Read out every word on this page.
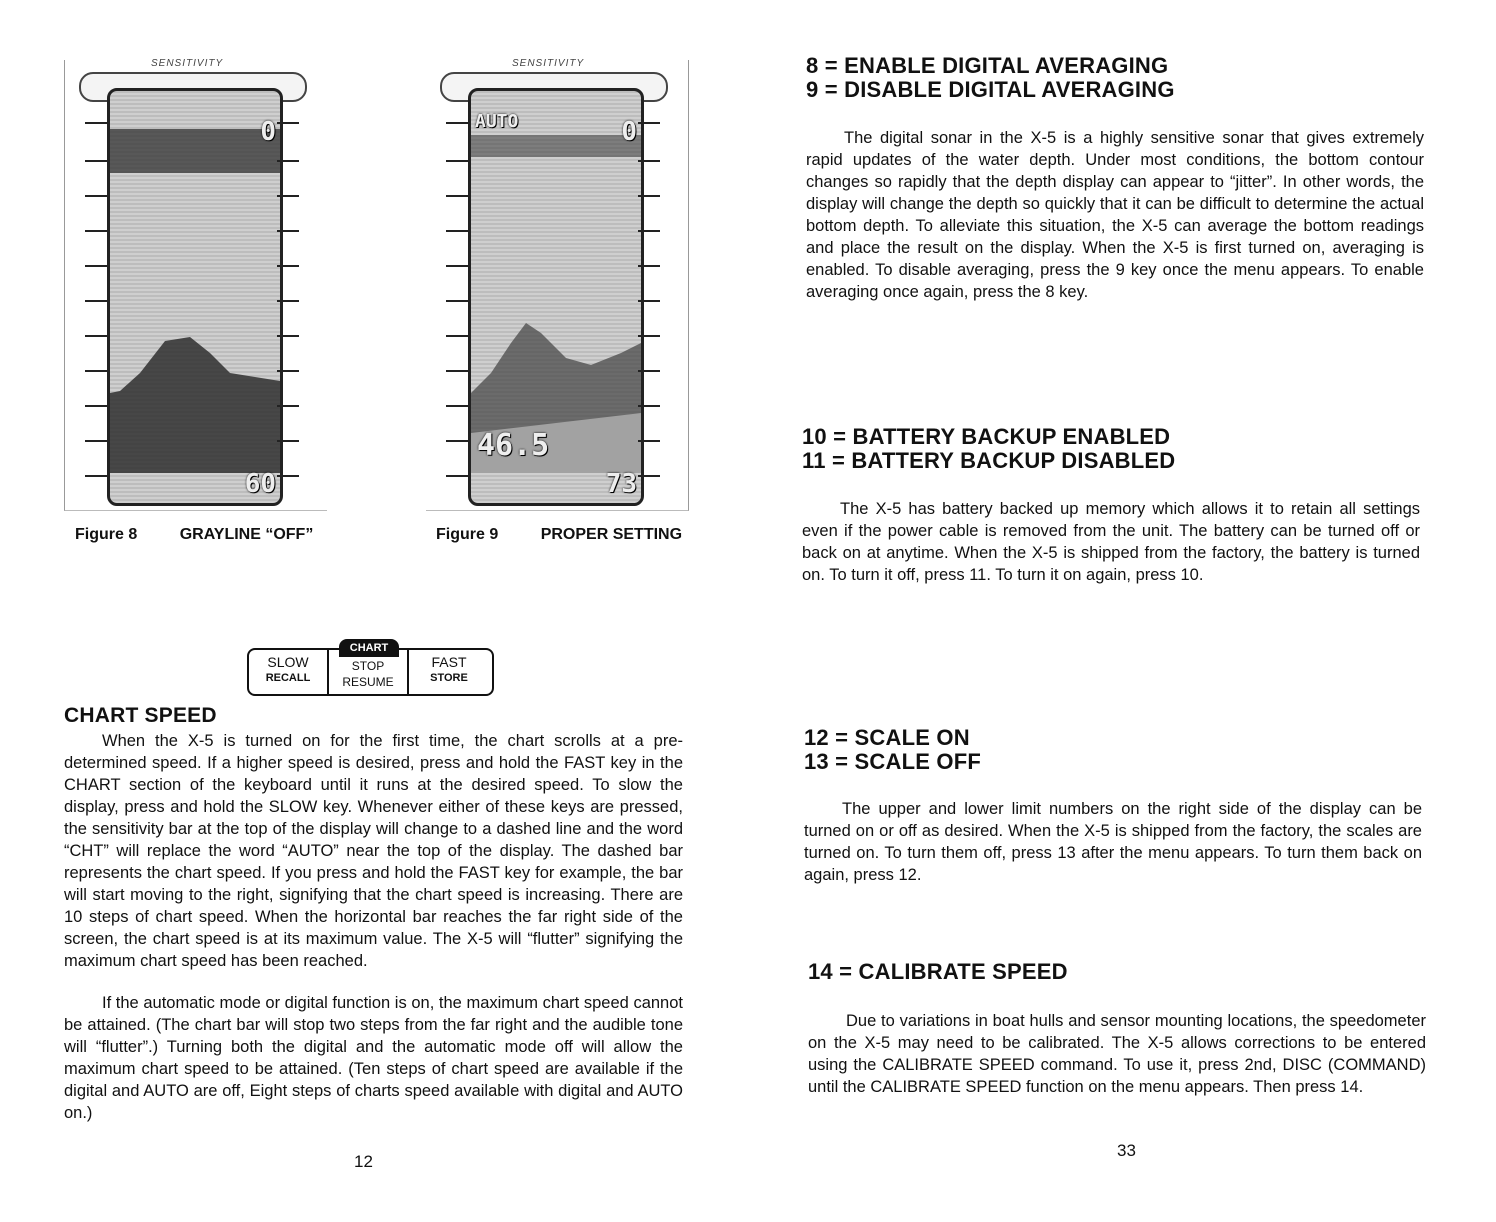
SENSITIVITY
0
60
Figure 8	GRAYLINE “OFF”
SENSITIVITY
AUTO	0
46.5
73
Figure 9	PROPER SETTING
CHART
SLOW
RECALL
STOP
RESUME
FAST
STORE
CHART SPEED

When the X-5 is turned on for the first time, the chart scrolls at a pre-determined speed. If a higher speed is desired, press and hold the FAST key in the CHART section of the keyboard until it runs at the desired speed. To slow the display, press and hold the SLOW key. Whenever either of these keys are pressed, the sensitivity bar at the top of the display will change to a dashed line and the word “CHT” will replace the word “AUTO” near the top of the display. The dashed bar represents the chart speed. If you press and hold the FAST key for example, the bar will start moving to the right, signifying that the chart speed is increasing. There are 10 steps of chart speed. When the horizontal bar reaches the far right side of the screen, the chart speed is at its maximum value. The X-5 will “flutter” signifying the maximum chart speed has been reached.

If the automatic mode or digital function is on, the maximum chart speed cannot be attained. (The chart bar will stop two steps from the far right and the audible tone will “flutter”.) Turning both the digital and the automatic mode off will allow the maximum chart speed to be attained. (Ten steps of chart speed are available if the digital and AUTO are off, Eight steps of charts speed available with digital and AUTO on.)

12
8 = ENABLE DIGITAL AVERAGING
9 = DISABLE DIGITAL AVERAGING

The digital sonar in the X-5 is a highly sensitive sonar that gives extremely rapid updates of the water depth. Under most conditions, the bottom contour changes so rapidly that the depth display can appear to “jitter”. In other words, the display will change the depth so quickly that it can be difficult to determine the actual bottom depth. To alleviate this situation, the X-5 can average the bottom readings and place the result on the display. When the X-5 is first turned on, averaging is enabled. To disable averaging, press the 9 key once the menu appears. To enable averaging once again, press the 8 key.

10 = BATTERY BACKUP ENABLED
11 = BATTERY BACKUP DISABLED

The X-5 has battery backed up memory which allows it to retain all settings even if the power cable is removed from the unit. The battery can be turned off or back on at anytime. When the X-5 is shipped from the factory, the battery is turned on. To turn it off, press 11. To turn it on again, press 10.

12 = SCALE ON
13 = SCALE OFF

The upper and lower limit numbers on the right side of the display can be turned on or off as desired. When the X-5 is shipped from the factory, the scales are turned on. To turn them off, press 13 after the menu appears. To turn them back on again, press 12.

14 = CALIBRATE SPEED

Due to variations in boat hulls and sensor mounting locations, the speedometer on the X-5 may need to be calibrated. The X-5 allows corrections to be entered using the CALIBRATE SPEED command. To use it, press 2nd, DISC (COMMAND) until the CALIBRATE SPEED function on the menu appears. Then press 14.

33
